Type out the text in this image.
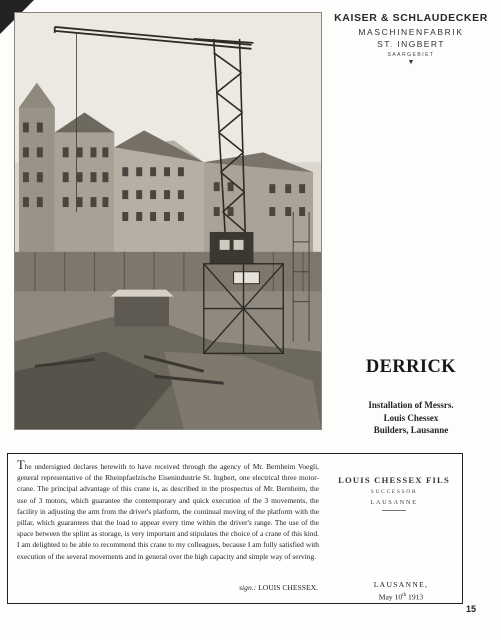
KAISER & SCHLAUDECKER
MASCHINENFABRIK
ST. INGBERT
SAARGEBIET
▼
DERRICK
Installation of Messrs.
Louis Chessex
Builders, Lausanne

The undersigned declares herewith to have received through the agency of Mr. Bernheim Voegli, general representative of the Rheinpfaelzische Eisenindustrie St. Ingbert, one electrical three motor-crane. The principal advantage of this crane is, as described in the prospectus of Mr. Bernheim, the use of 3 motors, which guarantee the contemporary and quick execution of the 3 movements, the facility in adjusting the arm from the driver's platform, the continual moving of the platform with the pillar, which guarantees that the load to appear every time within the driver's range. The use of the space between the splint as storage, is very important and stipulates the choice of a crane of this kind. I am delighted to be able to recommend this crane to my colleagues, because I am fully satisfied with execution of the several movements and in general over the high capacity and simple way of serving.

sign.: LOUIS CHESSEX.
LOUIS CHESSEX FILS
SUCCESSOR
LAUSANNE
LAUSANNE,
May 10th 1913
15
